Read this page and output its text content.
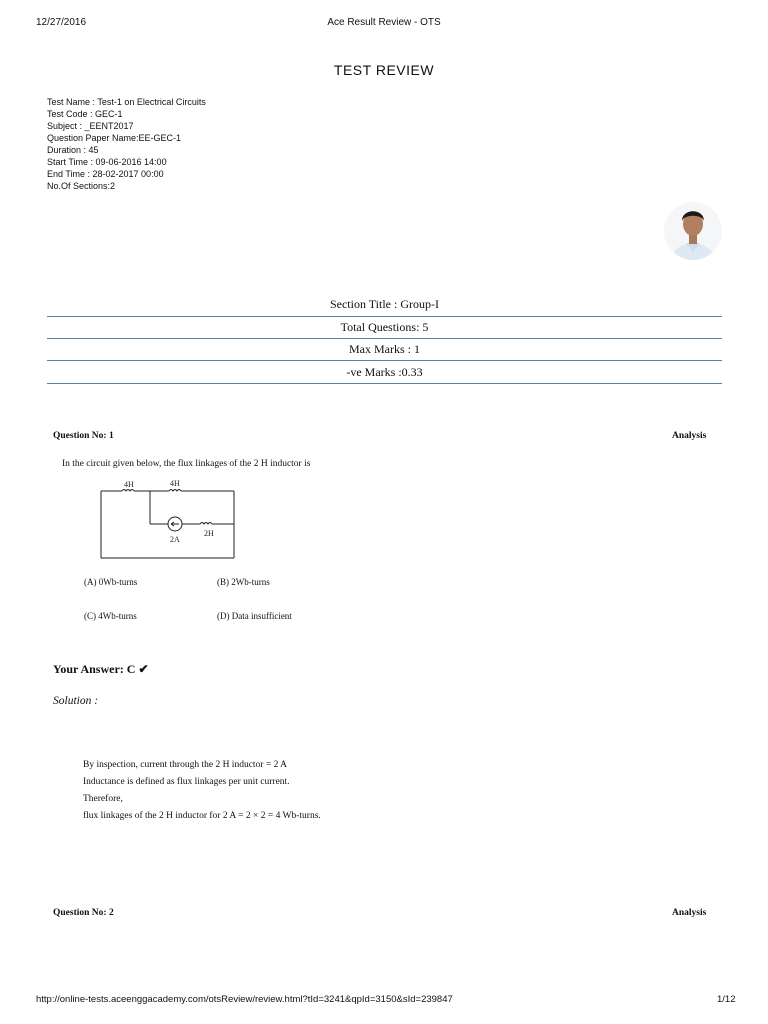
12/27/2016	Ace Result Review - OTS
TEST REVIEW
Test Name : Test-1 on Electrical Circuits
Test Code : GEC-1
Subject : _EENT2017
Question Paper Name:EE-GEC-1
Duration : 45
Start Time : 09-06-2016 14:00
End Time : 28-02-2017 00:00
No.Of Sections:2
Section Title : Group-I
Total Questions: 5
Max Marks : 1
-ve Marks :0.33
Question No: 1	Analysis
In the circuit given below, the flux linkages of the 2 H inductor is
4H	4H
2A
2H
(A) 0Wb-turns	(B) 2Wb-turns
(C) 4Wb-turns	(D) Data insufficient
Your Answer: C ✔
Solution :
By inspection, current through the 2 H inductor = 2 A
Inductance is defined as flux linkages per unit current.
Therefore,
flux linkages of the 2 H inductor for 2 A = 2 × 2 = 4 Wb-turns.
Question No: 2	Analysis
http://online-tests.aceenggacademy.com/otsReview/review.html?tId=3241&qpId=3150&sId=239847	1/12
